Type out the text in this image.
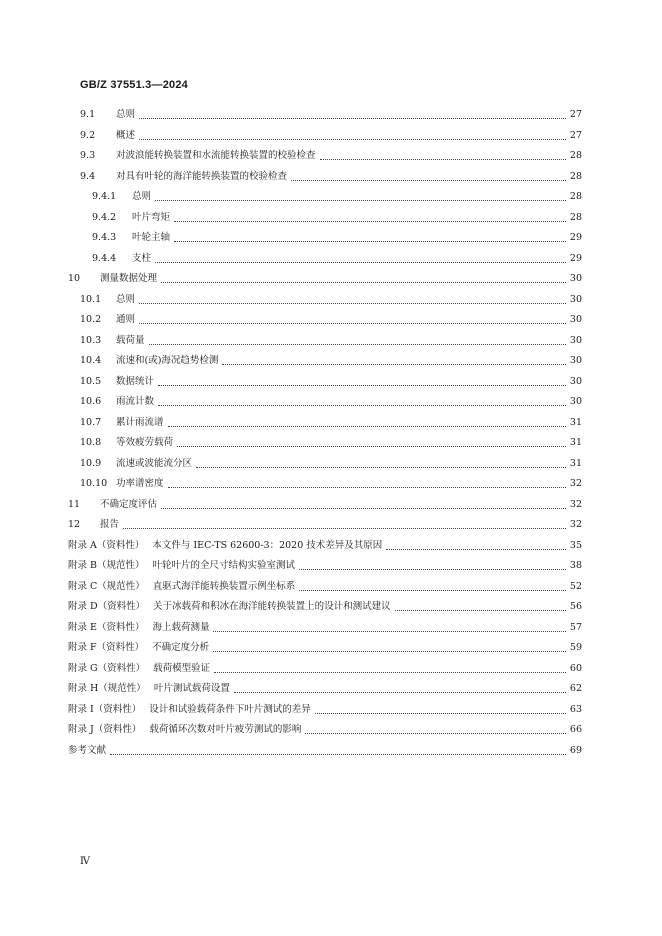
GB/Z 37551.3—2024
9.1	总则	27
9.2	概述	27
9.3	对波浪能转换装置和水流能转换装置的校验检查	28
9.4	对具有叶轮的海洋能转换装置的校验检查	28
9.4.1	总则	28
9.4.2	叶片弯矩	28
9.4.3	叶轮主轴	29
9.4.4	支柱	29
10	测量数据处理	30
10.1	总则	30
10.2	通则	30
10.3	载荷量	30
10.4	流速和(或)海况趋势检测	30
10.5	数据统计	30
10.6	雨流计数	30
10.7	累计雨流谱	31
10.8	等效疲劳载荷	31
10.9	流速或波能流分区	31
10.10 功率谱密度	32
11	不确定度评估	32
12	报告	32
附录 A（资料性） 本文件与 IEC-TS 62600-3：2020 技术差异及其原因	35
附录 B（规范性） 叶轮叶片的全尺寸结构实验室测试	38
附录 C（规范性） 直驱式海洋能转换装置示例坐标系	52
附录 D（资料性） 关于冰载荷和积冰在海洋能转换装置上的设计和测试建议	56
附录 E（资料性） 海上载荷测量	57
附录 F（资料性） 不确定度分析	59
附录 G（资料性） 载荷模型验证	60
附录 H（规范性） 叶片测试载荷设置	62
附录 I（资料性） 设计和试验载荷条件下叶片测试的差异	63
附录 J（资料性） 载荷循环次数对叶片疲劳测试的影响	66
参考文献	69
Ⅳ
